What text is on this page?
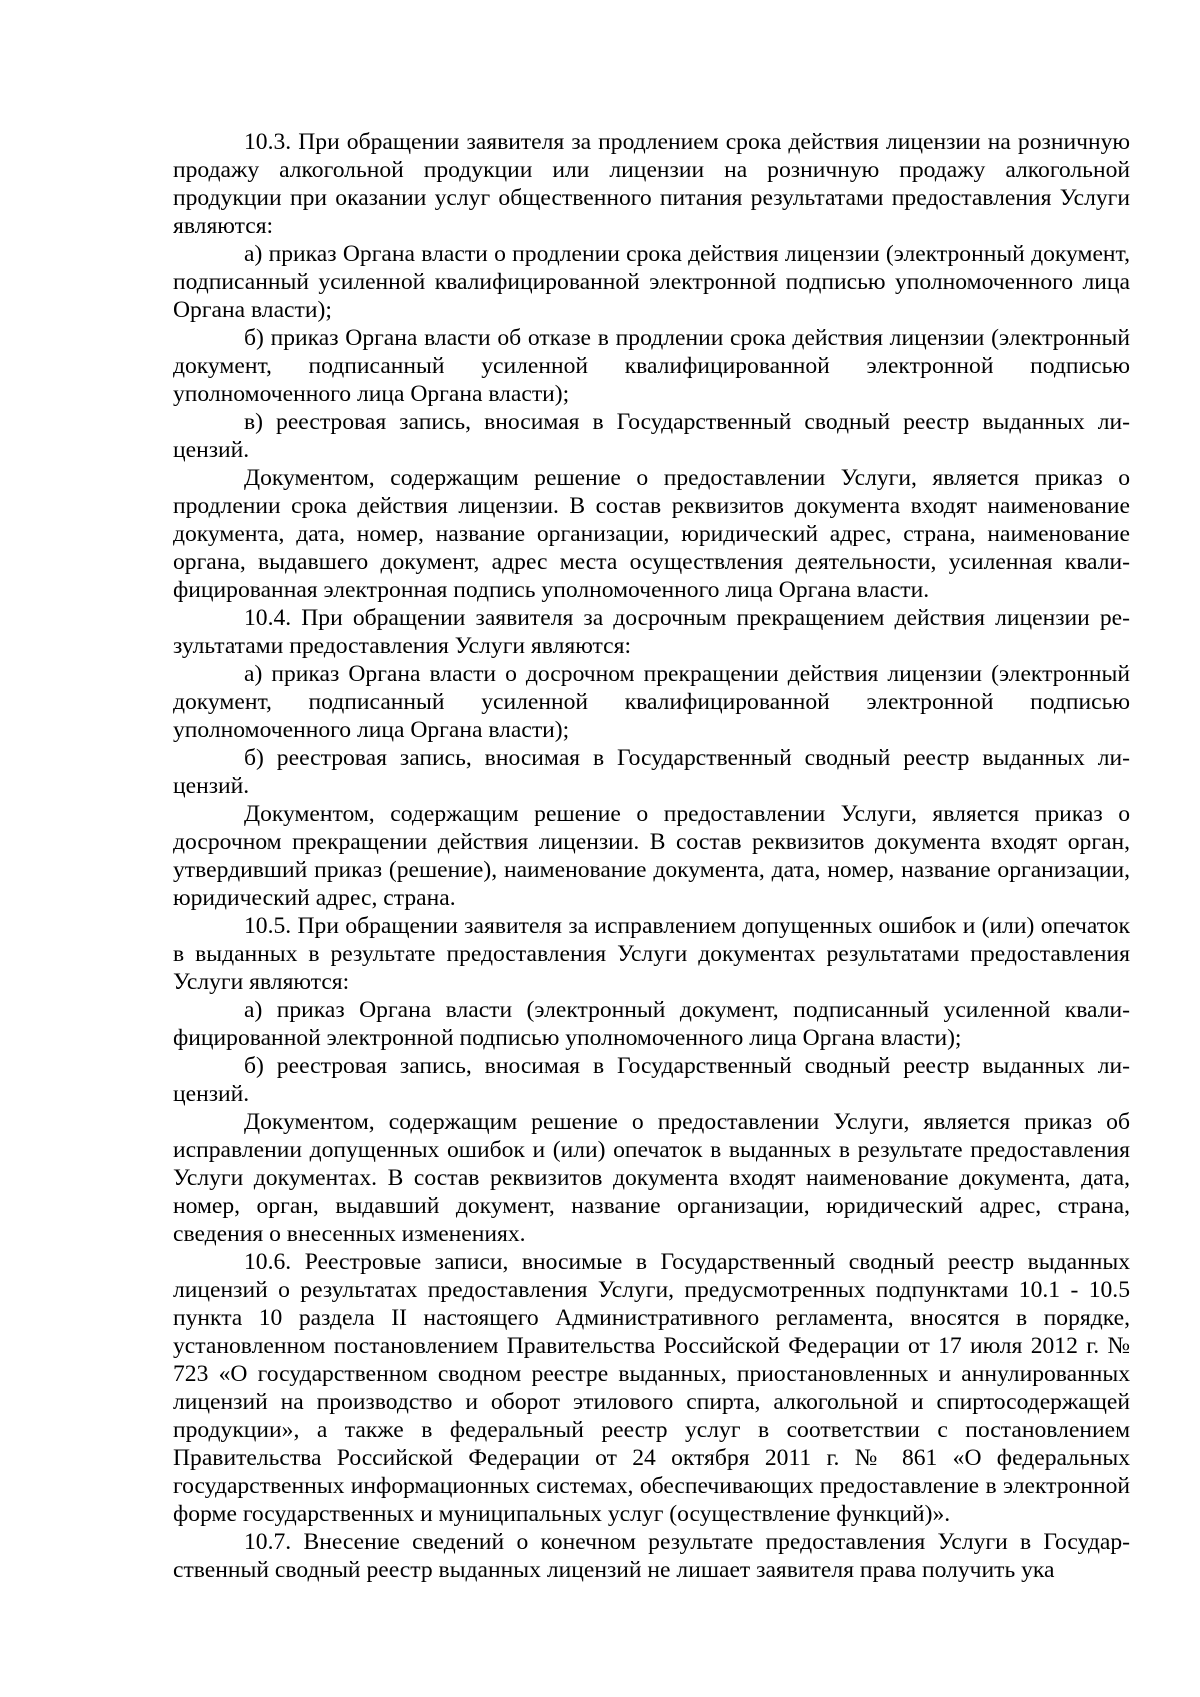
10.3. При обращении заявителя за продлением срока действия лицензии на розничную продажу алкогольной продукции или лицензии на розничную продажу алкогольной продукции при оказании услуг общественного питания результатами предоставления Услуги являются:

а) приказ Органа власти о продлении срока действия лицензии (электронный документ, подписанный усиленной квалифицированной электронной подписью уполномоченного лица Органа власти);

б) приказ Органа власти об отказе в продлении срока действия лицензии (электронный документ, подписанный усиленной квалифицированной электронной подписью уполномоченного лица Органа власти);

в) реестровая запись, вносимая в Государственный сводный реестр выданных лицензий.

Документом, содержащим решение о предоставлении Услуги, является приказ о продлении срока действия лицензии. В состав реквизитов документа входят наименование документа, дата, номер, название организации, юридический адрес, страна, наименование органа, выдавшего документ, адрес места осуществления деятельности, усиленная квалифицированная электронная подпись уполномоченного лица Органа власти.

10.4. При обращении заявителя за досрочным прекращением действия лицензии результатами предоставления Услуги являются:

а) приказ Органа власти о досрочном прекращении действия лицензии (электронный документ, подписанный усиленной квалифицированной электронной подписью уполномоченного лица Органа власти);

б) реестровая запись, вносимая в Государственный сводный реестр выданных лицензий.

Документом, содержащим решение о предоставлении Услуги, является приказ о досрочном прекращении действия лицензии. В состав реквизитов документа входят орган, утвердивший приказ (решение), наименование документа, дата, номер, название организации, юридический адрес, страна.

10.5. При обращении заявителя за исправлением допущенных ошибок и (или) опечаток в выданных в результате предоставления Услуги документах результатами предоставления Услуги являются:

а) приказ Органа власти (электронный документ, подписанный усиленной квалифицированной электронной подписью уполномоченного лица Органа власти);

б) реестровая запись, вносимая в Государственный сводный реестр выданных лицензий.

Документом, содержащим решение о предоставлении Услуги, является приказ об исправлении допущенных ошибок и (или) опечаток в выданных в результате предоставления Услуги документах. В состав реквизитов документа входят наименование документа, дата, номер, орган, выдавший документ, название организации, юридический адрес, страна, сведения о внесенных изменениях.

10.6. Реестровые записи, вносимые в Государственный сводный реестр выданных лицензий о результатах предоставления Услуги, предусмотренных подпунктами 10.1 - 10.5 пункта 10 раздела II настоящего Административного регламента, вносятся в порядке, установленном постановлением Правительства Российской Федерации от 17 июля 2012 г. № 723 «О государственном сводном реестре выданных, приостановленных и аннулированных лицензий на производство и оборот этилового спирта, алкогольной и спиртосодержащей продукции», а также в федеральный реестр услуг в соответствии с постановлением Правительства Российской Федерации от 24 октября 2011 г. № 861 «О федеральных государственных информационных системах, обеспечивающих предоставление в электронной форме государственных и муниципальных услуг (осуществление функций)».

10.7. Внесение сведений о конечном результате предоставления Услуги в Государственный сводный реестр выданных лицензий не лишает заявителя права получить ука
